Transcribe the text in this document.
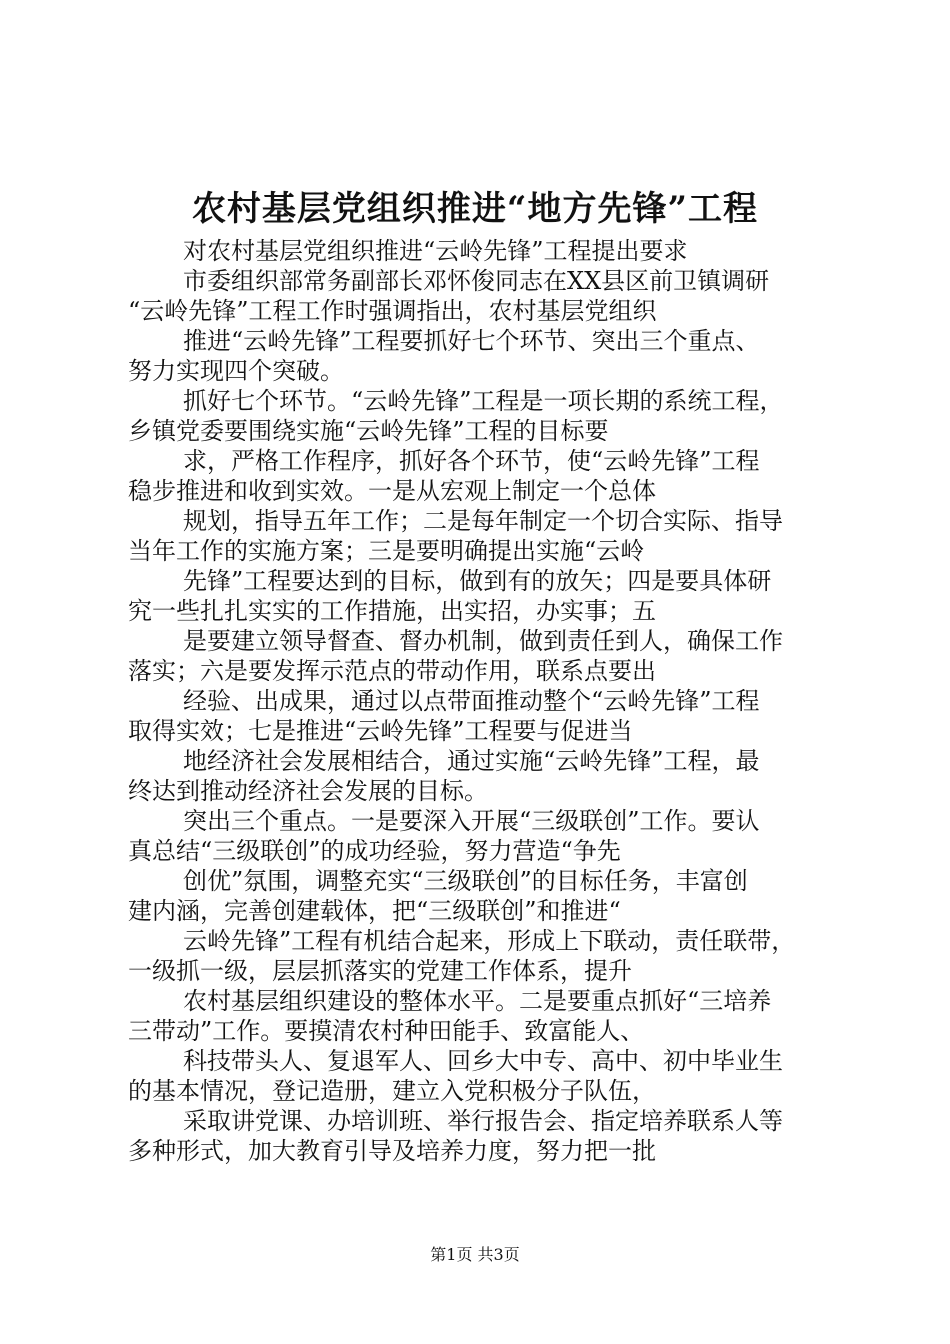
农村基层党组织推进“地方先锋”工程
对农村基层党组织推进“云岭先锋”工程提出要求
市委组织部常务副部长邓怀俊同志在XX县区前卫镇调研
“云岭先锋”工程工作时强调指出，农村基层党组织
推进“云岭先锋”工程要抓好七个环节、突出三个重点、
努力实现四个突破。
抓好七个环节。“云岭先锋”工程是一项长期的系统工程，
乡镇党委要围绕实施“云岭先锋”工程的目标要
求，严格工作程序，抓好各个环节，使“云岭先锋”工程
稳步推进和收到实效。一是从宏观上制定一个总体
规划，指导五年工作；二是每年制定一个切合实际、指导
当年工作的实施方案；三是要明确提出实施“云岭
先锋”工程要达到的目标，做到有的放矢；四是要具体研
究一些扎扎实实的工作措施，出实招，办实事；五
是要建立领导督查、督办机制，做到责任到人，确保工作
落实；六是要发挥示范点的带动作用，联系点要出
经验、出成果，通过以点带面推动整个“云岭先锋”工程
取得实效；七是推进“云岭先锋”工程要与促进当
地经济社会发展相结合，通过实施“云岭先锋”工程，最
终达到推动经济社会发展的目标。
突出三个重点。一是要深入开展“三级联创”工作。要认
真总结“三级联创”的成功经验，努力营造“争先
创优”氛围，调整充实“三级联创”的目标任务，丰富创
建内涵，完善创建载体，把“三级联创”和推进“
云岭先锋”工程有机结合起来，形成上下联动，责任联带，
一级抓一级，层层抓落实的党建工作体系，提升
农村基层组织建设的整体水平。二是要重点抓好“三培养
三带动”工作。要摸清农村种田能手、致富能人、
科技带头人、复退军人、回乡大中专、高中、初中毕业生
的基本情况，登记造册，建立入党积极分子队伍，
采取讲党课、办培训班、举行报告会、指定培养联系人等
多种形式，加大教育引导及培养力度，努力把一批
第1页 共3页
